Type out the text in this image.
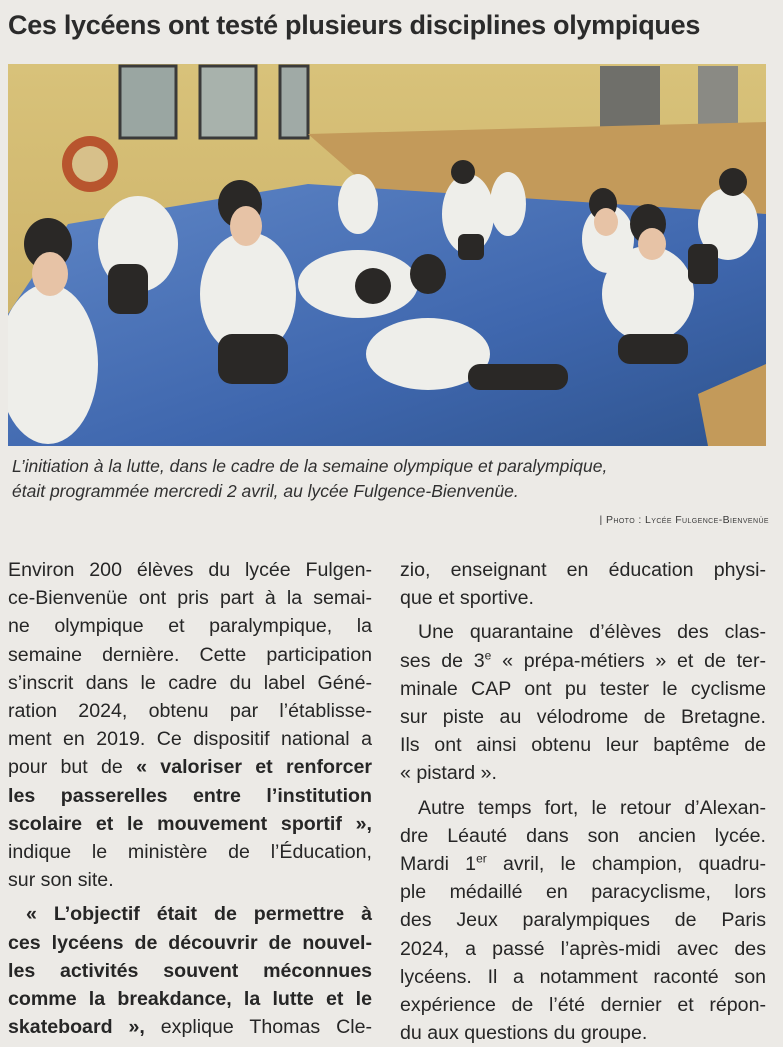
Ces lycéens ont testé plusieurs disciplines olympiques
L’initiation à la lutte, dans le cadre de la semaine olympique et paralympique,
était programmée mercredi 2 avril, au lycée Fulgence-Bienvenüe.
| Photo : Lycée Fulgence-Bienvenüe

Environ 200 élèves du lycée Fulgen-

ce-Bienvenüe ont pris part à la semai-

ne olympique et paralympique, la

semaine dernière. Cette participation

s’inscrit dans le cadre du label Géné-

ration 2024, obtenu par l’établisse-

ment en 2019. Ce dispositif national a

pour but de « valoriser et renforcer

les passerelles entre l’institution

scolaire et le mouvement sportif »,

indique le ministère de l’Éducation,

sur son site.

« L’objectif était de permettre à

ces lycéens de découvrir de nouvel-

les activités souvent méconnues

comme la breakdance, la lutte et le

skateboard », explique Thomas Cle-

zio, enseignant en éducation physi-

que et sportive.

Une quarantaine d’élèves des clas-

ses de 3e « prépa-métiers » et de ter-

minale CAP ont pu tester le cyclisme

sur piste au vélodrome de Bretagne.

Ils ont ainsi obtenu leur baptême de

« pistard ».

Autre temps fort, le retour d’Alexan-

dre Léauté dans son ancien lycée.

Mardi 1er avril, le champion, quadru-

ple médaillé en paracyclisme, lors

des Jeux paralympiques de Paris

2024, a passé l’après-midi avec des

lycéens. Il a notamment raconté son

expérience de l’été dernier et répon-

du aux questions du groupe.
